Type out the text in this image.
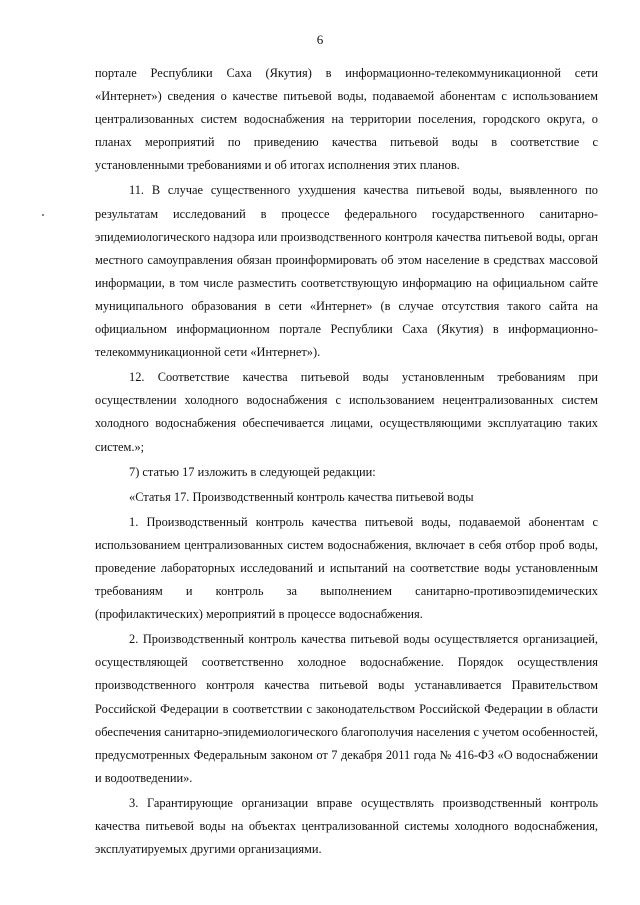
6

порталe Республики Саха (Якутия) в информационно-телекоммуникационной сети «Интернет») сведения о качестве питьевой воды, подаваемой абонентам с использованием централизованных систем водоснабжения на территории поселения, городского округа, о планах мероприятий по приведению качества питьевой воды в соответствие с установленными требованиями и об итогах исполнения этих планов.

11. В случае существенного ухудшения качества питьевой воды, выявленного по результатам исследований в процессе федерального государственного санитарно-эпидемиологического надзора или производственного контроля качества питьевой воды, орган местного самоуправления обязан проинформировать об этом население в средствах массовой информации, в том числе разместить соответствующую информацию на официальном сайте муниципального образования в сети «Интернет» (в случае отсутствия такого сайта на официальном информационном портале Республики Саха (Якутия) в информационно-телекоммуникационной сети «Интернет»).

12. Соответствие качества питьевой воды установленным требованиям при осуществлении холодного водоснабжения с использованием нецентрализованных систем холодного водоснабжения обеспечивается лицами, осуществляющими эксплуатацию таких систем.»;

7) статью 17 изложить в следующей редакции:

«Статья 17. Производственный контроль качества питьевой воды

1. Производственный контроль качества питьевой воды, подаваемой абонентам с использованием централизованных систем водоснабжения, включает в себя отбор проб воды, проведение лабораторных исследований и испытаний на соответствие воды установленным требованиям и контроль за выполнением санитарно-противоэпидемических (профилактических) мероприятий в процессе водоснабжения.

2. Производственный контроль качества питьевой воды осуществляется организацией, осуществляющей соответственно холодное водоснабжение. Порядок осуществления производственного контроля качества питьевой воды устанавливается Правительством Российской Федерации в соответствии с законодательством Российской Федерации в области обеспечения санитарно-эпидемиологического благополучия населения с учетом особенностей, предусмотренных Федеральным законом от 7 декабря 2011 года № 416-ФЗ «О водоснабжении и водоотведении».

3. Гарантирующие организации вправе осуществлять производственный контроль качества питьевой воды на объектах централизованной системы холодного водоснабжения, эксплуатируемых другими организациями.
